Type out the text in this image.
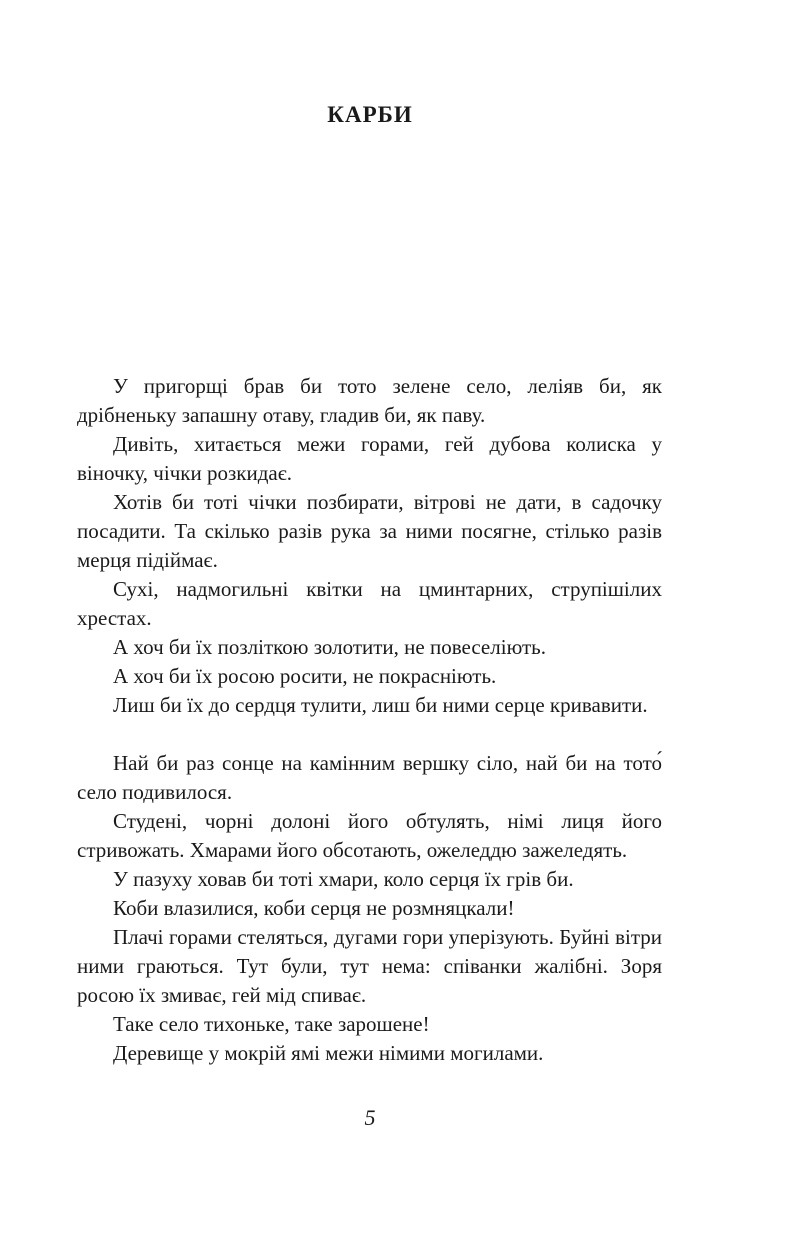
КАРБИ

У пригорщі брав би тото зелене село, леліяв би, як дрібненьку запашну отаву, гладив би, як паву.

Дивіть, хитається межи горами, гей дубова колиска у віночку, чічки розкидає.

Хотів би тоті чічки позбирати, вітрові не дати, в садочку посадити. Та скілько разів рука за ними посягне, стілько разів мерця підіймає.

Сухі, надмогильні квітки на цминтарних, струпішілих хрестах.

А хоч би їх позліткою золотити, не повеселіють.

А хоч би їх росою росити, не покраснiють.

Лиш би їх до сердця тулити, лиш би ними серце кривавити.

Най би раз сонце на камінним вершку сіло, най би на тото́ село подивилося.

Студені, чорні долоні його обтулять, німі лиця його стривожать. Хмарами його обсотають, ожеледдю зажеледять.

У пазуху ховав би тоті хмари, коло серця їх грів би.

Коби влазилися, коби серця не розмняцкали!

Плачі горами стеляться, дугами гори уперізують. Буйні вітри ними граються. Тут були, тут нема: співанки жалібні. Зоря росою їх змиває, гей мід спиває.

Таке село тихоньке, таке зарошене!

Деревище у мокрій ямі межи німими могилами.

5
